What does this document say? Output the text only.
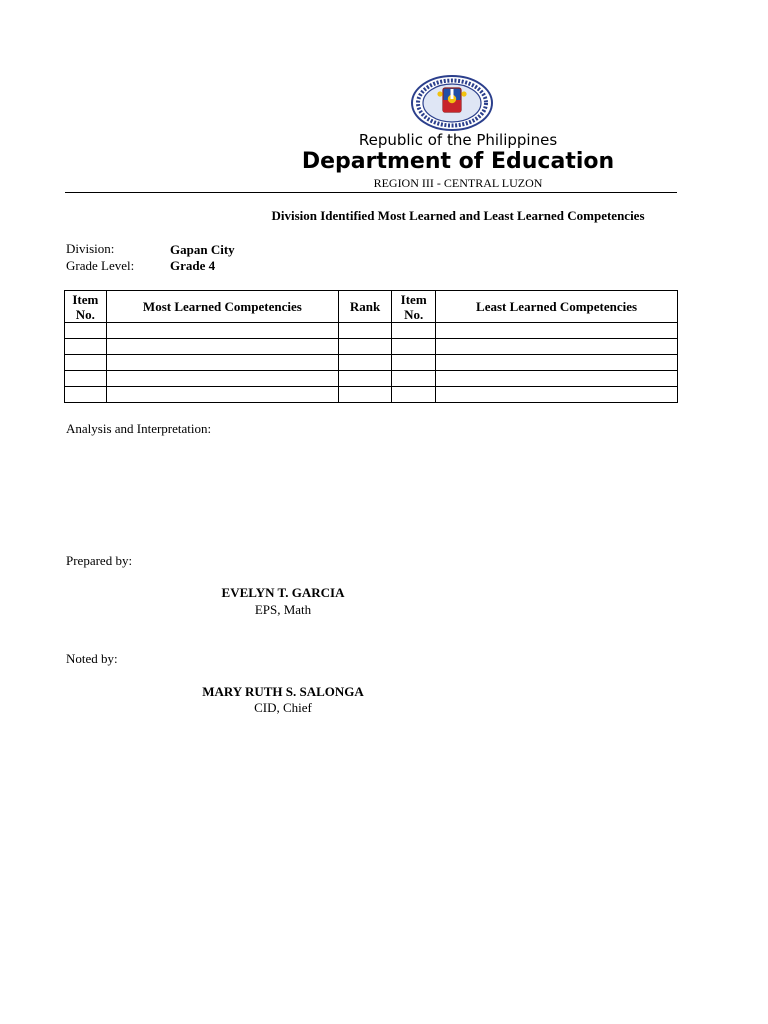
Republic of the Philippines
Department of Education
REGION III - CENTRAL LUZON
Division Identified Most Learned and Least Learned Competencies
Division:	Gapan City
Grade Level:	Grade 4
Item No.	Most Learned Competencies	Rank	Item No.	Least Learned Competencies

Analysis and Interpretation:
Prepared by:
EVELYN T. GARCIA
EPS, Math
Noted by:
MARY RUTH S. SALONGA
CID, Chief
